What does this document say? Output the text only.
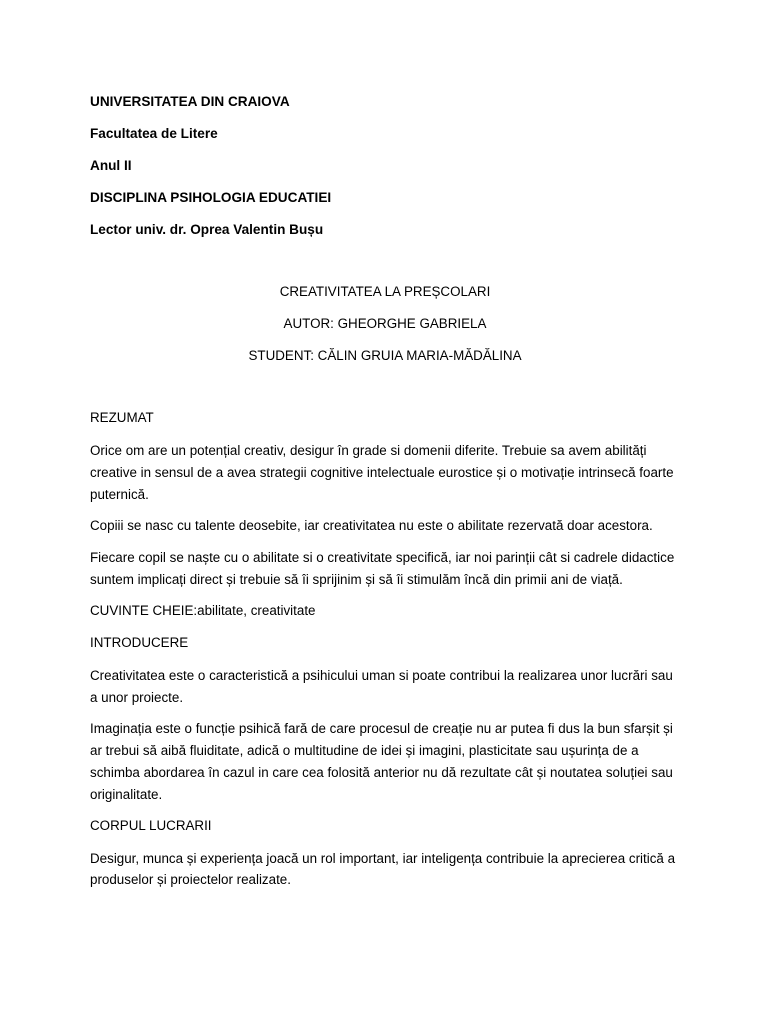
UNIVERSITATEA DIN CRAIOVA
Facultatea de Litere
Anul II
DISCIPLINA PSIHOLOGIA EDUCATIEI
Lector univ. dr. Oprea Valentin Bușu
CREATIVITATEA LA PREȘCOLARI
AUTOR: GHEORGHE GABRIELA
STUDENT: CĂLIN GRUIA MARIA-MĂDĂLINA
REZUMAT
Orice om are un potențial creativ, desigur în grade si domenii diferite. Trebuie sa avem abilități creative in sensul de a avea strategii cognitive intelectuale eurostice și o motivație intrinsecă foarte puternică.
Copiii se nasc cu talente deosebite, iar creativitatea nu este o abilitate rezervată doar acestora.
Fiecare copil se naște cu o abilitate si o creativitate specifică, iar noi parinții cât si cadrele didactice suntem implicați direct și trebuie să îi sprijinim și să îi stimulăm încă din primii ani de viață.
CUVINTE CHEIE:abilitate, creativitate
INTRODUCERE
Creativitatea este o caracteristică a psihicului uman si poate contribui la realizarea unor lucrări sau a unor proiecte.
Imaginația este o funcție psihică fară de care procesul de creație nu ar putea fi dus la bun sfarșit și ar trebui să aibă fluiditate, adică o multitudine de idei și imagini, plasticitate sau ușurința de a schimba abordarea în cazul in care cea folosită anterior nu dă rezultate cât și noutatea soluției sau originalitate.
CORPUL LUCRARII
Desigur, munca și experiența joacă un rol important, iar inteligența contribuie la aprecierea critică a produselor și proiectelor realizate.
